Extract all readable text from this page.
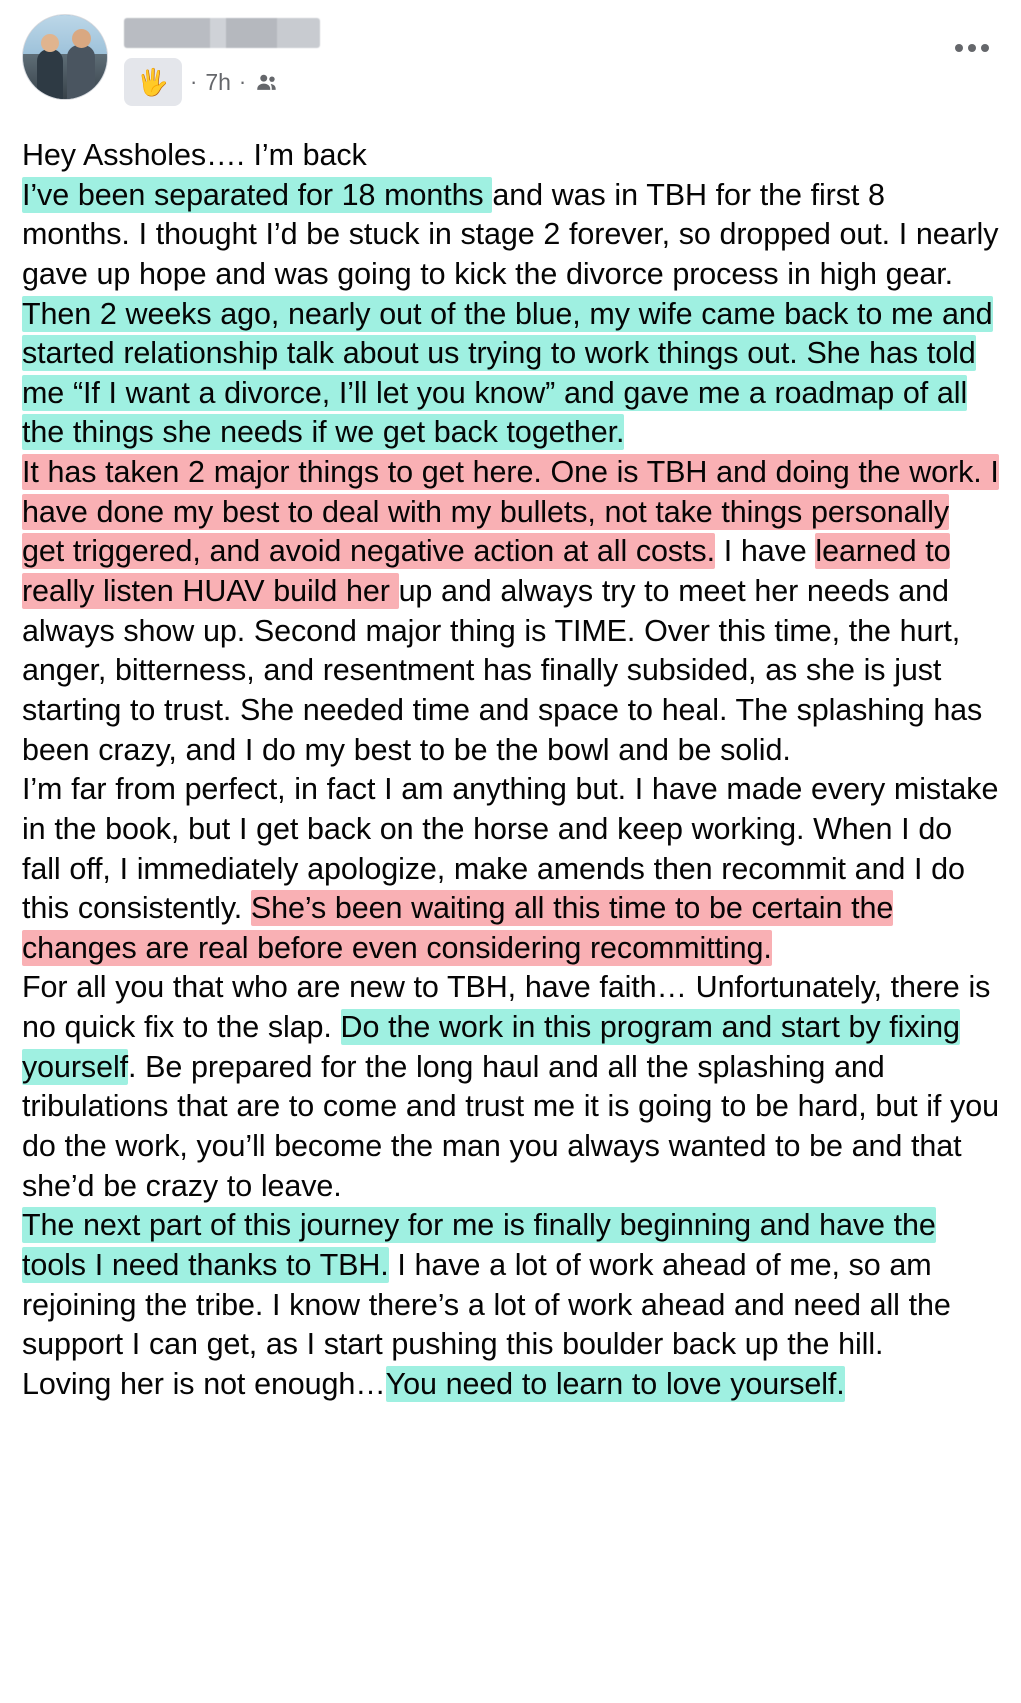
🖐 · 7h ·

Hey Assholes…. I’m back

I’ve been separated for 18 months and was in TBH for the first 8 months. I thought I’d be stuck in stage 2 forever, so dropped out. I nearly gave up hope and was going to kick the divorce process in high gear. Then 2 weeks ago, nearly out of the blue, my wife came back to me and started relationship talk about us trying to work things out. She has told me “If I want a divorce, I’ll let you know” and gave me a roadmap of all the things she needs if we get back together.

It has taken 2 major things to get here. One is TBH and doing the work. I have done my best to deal with my bullets, not take things personally get triggered, and avoid negative action at all costs. I have learned to really listen HUAV build her up and always try to meet her needs and always show up. Second major thing is TIME. Over this time, the hurt, anger, bitterness, and resentment has finally subsided, as she is just starting to trust. She needed time and space to heal. The splashing has been crazy, and I do my best to be the bowl and be solid.

I’m far from perfect, in fact I am anything but. I have made every mistake in the book, but I get back on the horse and keep working. When I do fall off, I immediately apologize, make amends then recommit and I do this consistently. She’s been waiting all this time to be certain the changes are real before even considering recommitting.

For all you that who are new to TBH, have faith… Unfortunately, there is no quick fix to the slap. Do the work in this program and start by fixing yourself. Be prepared for the long haul and all the splashing and tribulations that are to come and trust me it is going to be hard, but if you do the work, you’ll become the man you always wanted to be and that she’d be crazy to leave.

The next part of this journey for me is finally beginning and have the tools I need thanks to TBH. I have a lot of work ahead of me, so am rejoining the tribe. I know there’s a lot of work ahead and need all the support I can get, as I start pushing this boulder back up the hill.

Loving her is not enough…You need to learn to love yourself.
